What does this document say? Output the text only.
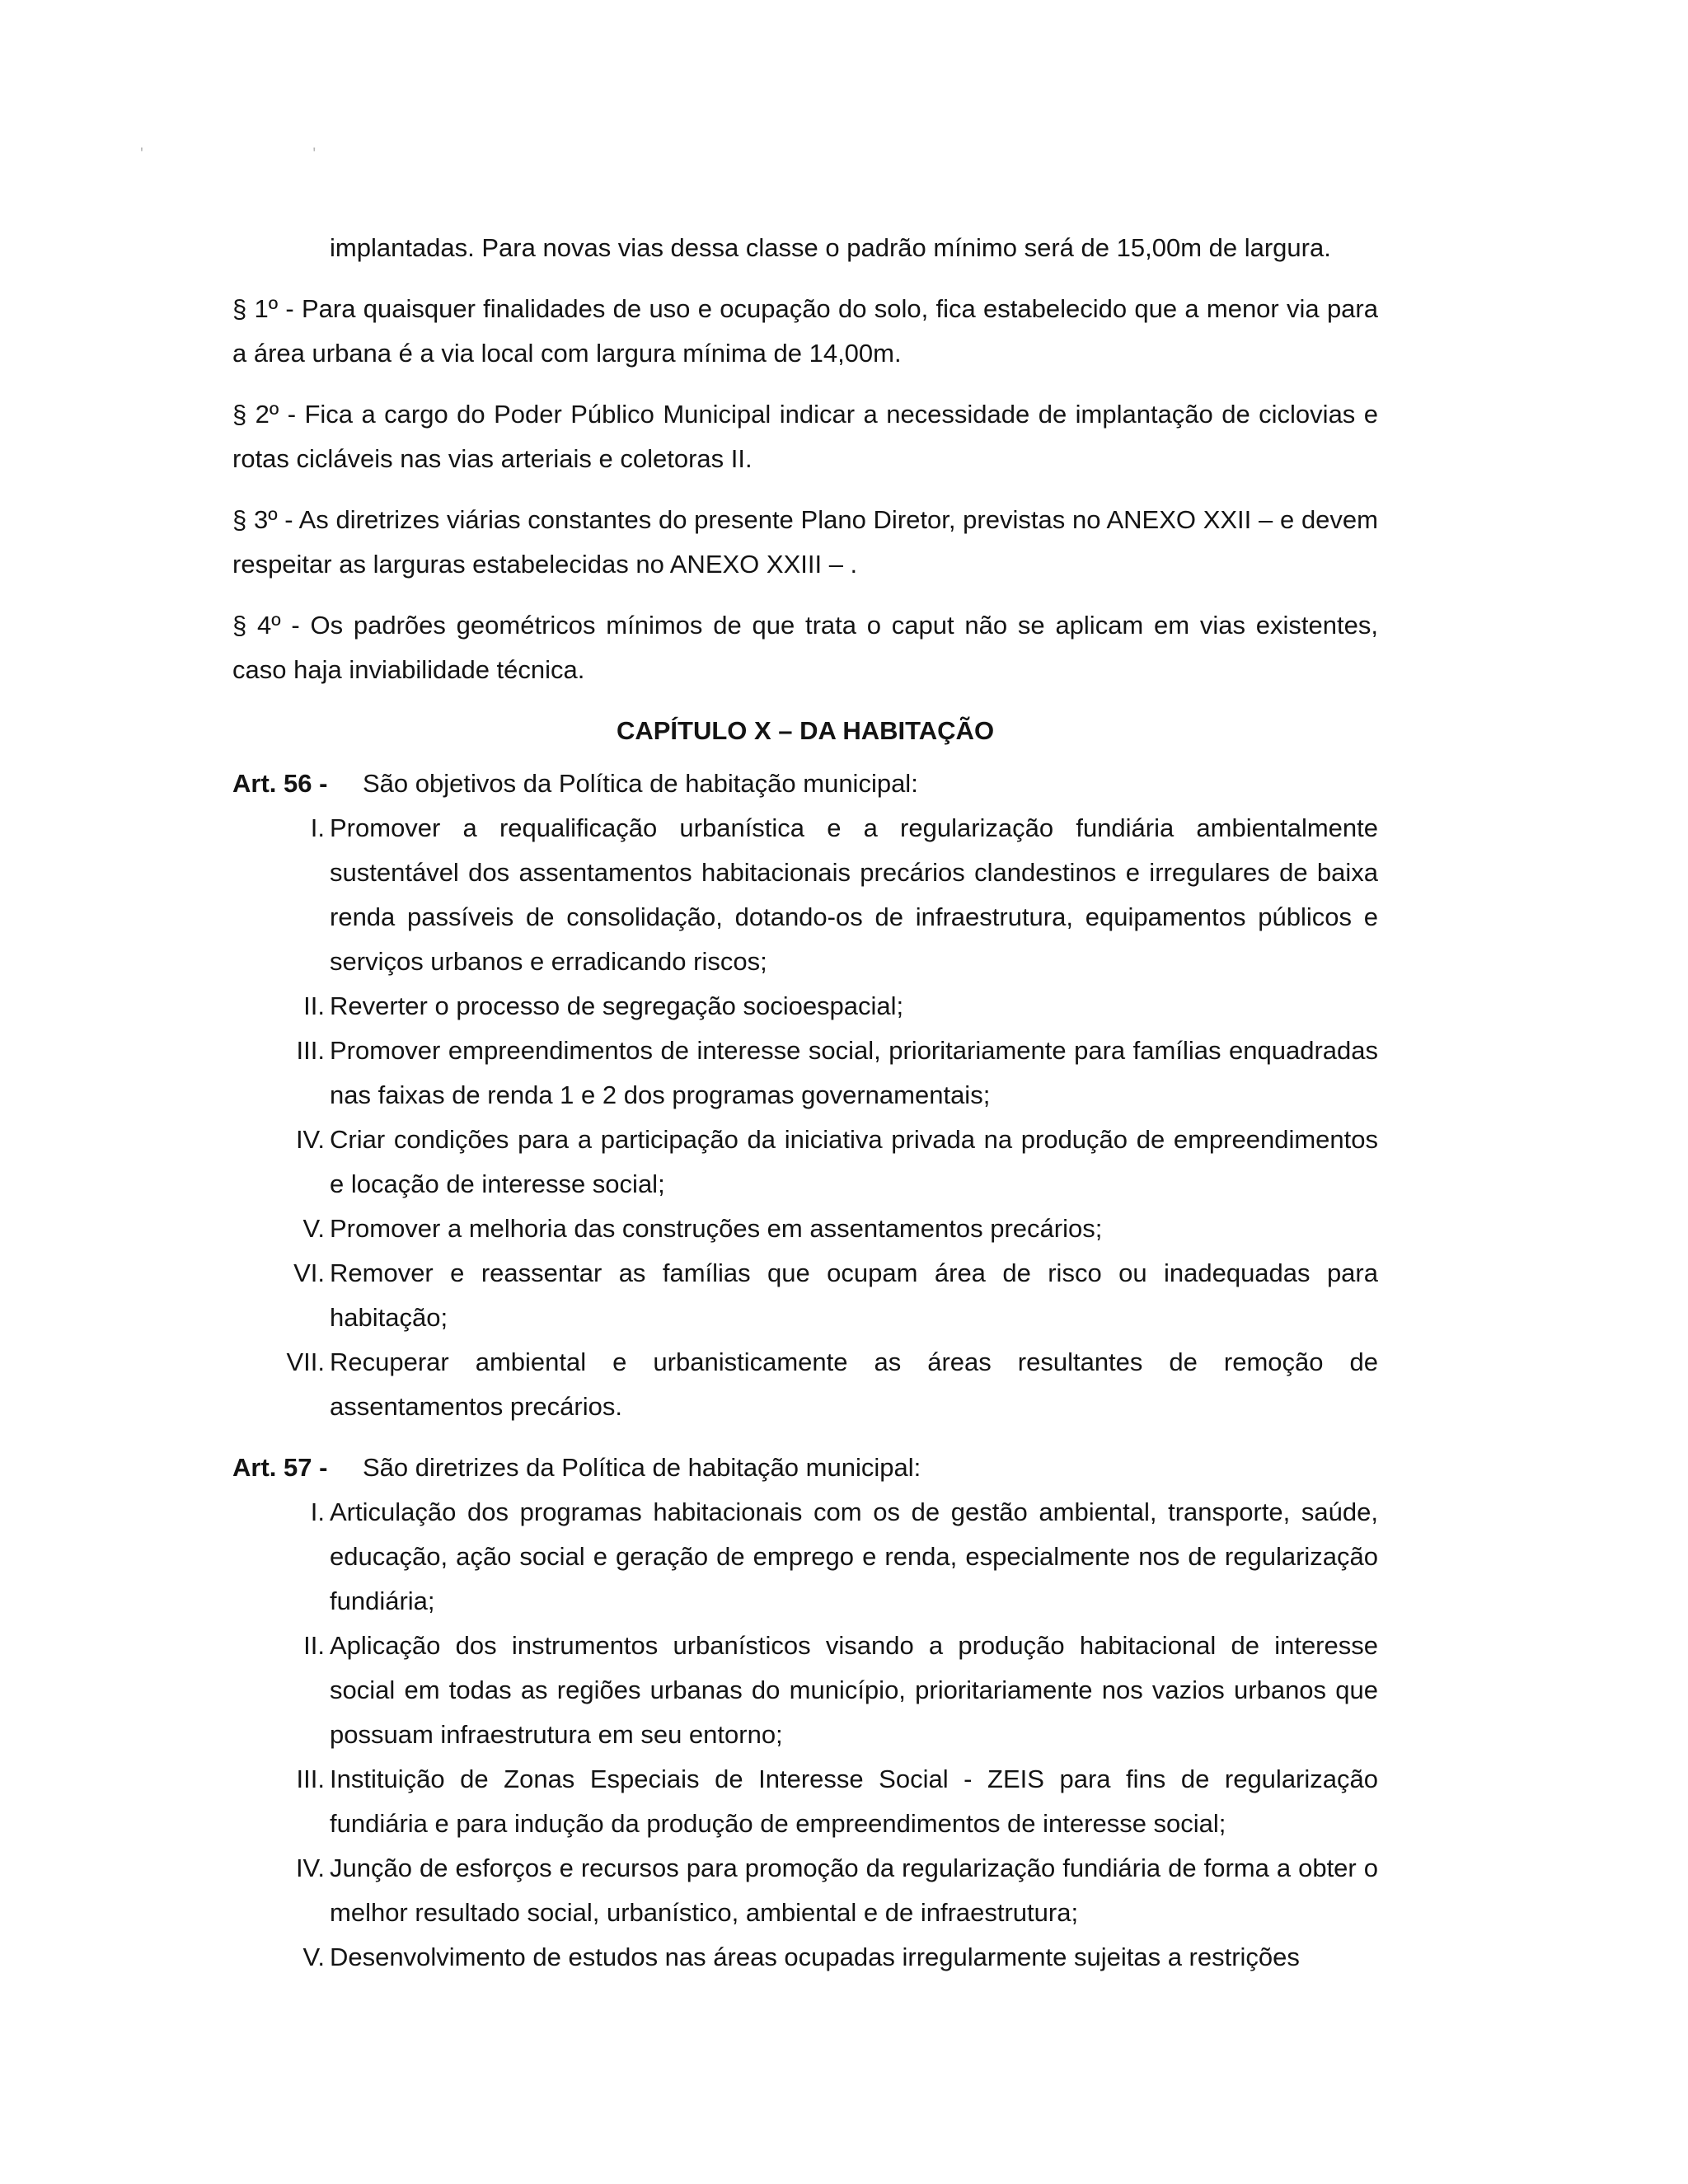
' '

implantadas. Para novas vias dessa classe o padrão mínimo será de 15,00m de largura.

§ 1º - Para quaisquer finalidades de uso e ocupação do solo, fica estabelecido que a menor via para a área urbana é a via local com largura mínima de 14,00m.

§ 2º - Fica a cargo do Poder Público Municipal indicar a necessidade de implantação de ciclovias e rotas cicláveis nas vias arteriais e coletoras II.

§ 3º - As diretrizes viárias constantes do presente Plano Diretor, previstas no ANEXO XXII – e devem respeitar as larguras estabelecidas no ANEXO XXIII – .

§ 4º - Os padrões geométricos mínimos de que trata o caput não se aplicam em vias existentes, caso haja inviabilidade técnica.

CAPÍTULO X – DA HABITAÇÃO

Art. 56 -	São objetivos da Política de habitação municipal:
I. Promover a requalificação urbanística e a regularização fundiária ambientalmente sustentável dos assentamentos habitacionais precários clandestinos e irregulares de baixa renda passíveis de consolidação, dotando-os de infraestrutura, equipamentos públicos e serviços urbanos e erradicando riscos;
II. Reverter o processo de segregação socioespacial;
III. Promover empreendimentos de interesse social, prioritariamente para famílias enquadradas nas faixas de renda 1 e 2 dos programas governamentais;
IV. Criar condições para a participação da iniciativa privada na produção de empreendimentos e locação de interesse social;
V. Promover a melhoria das construções em assentamentos precários;
VI. Remover e reassentar as famílias que ocupam área de risco ou inadequadas para habitação;
VII. Recuperar ambiental e urbanisticamente as áreas resultantes de remoção de assentamentos precários.
Art. 57 -	São diretrizes da Política de habitação municipal:
I. Articulação dos programas habitacionais com os de gestão ambiental, transporte, saúde, educação, ação social e geração de emprego e renda, especialmente nos de regularização fundiária;
II. Aplicação dos instrumentos urbanísticos visando a produção habitacional de interesse social em todas as regiões urbanas do município, prioritariamente nos vazios urbanos que possuam infraestrutura em seu entorno;
III. Instituição de Zonas Especiais de Interesse Social - ZEIS para fins de regularização fundiária e para indução da produção de empreendimentos de interesse social;
IV. Junção de esforços e recursos para promoção da regularização fundiária de forma a obter o melhor resultado social, urbanístico, ambiental e de infraestrutura;
V. Desenvolvimento de estudos nas áreas ocupadas irregularmente sujeitas a restrições
